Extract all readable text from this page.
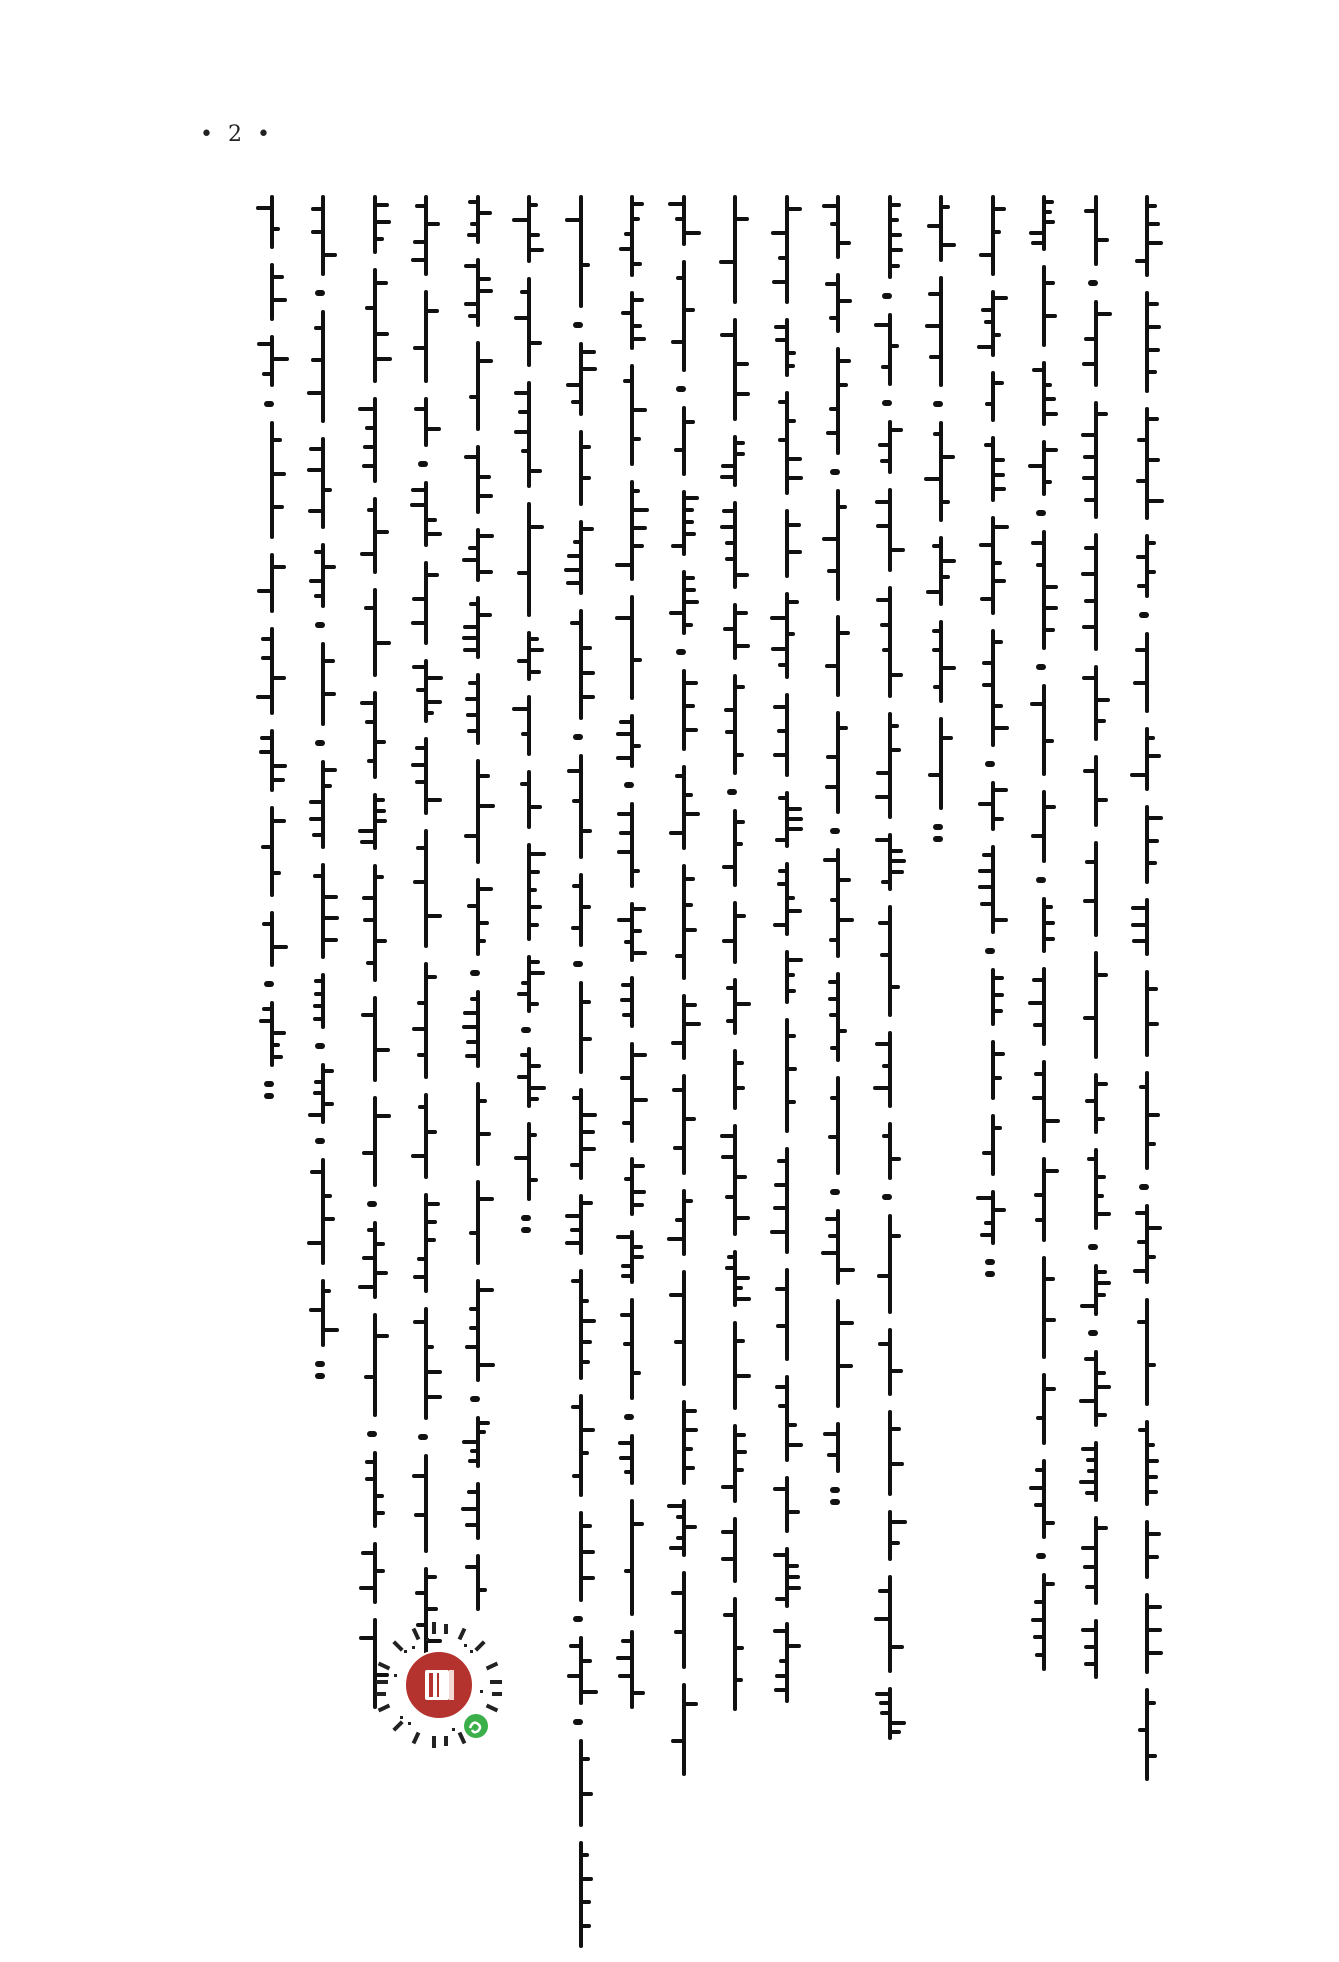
• 2 •
